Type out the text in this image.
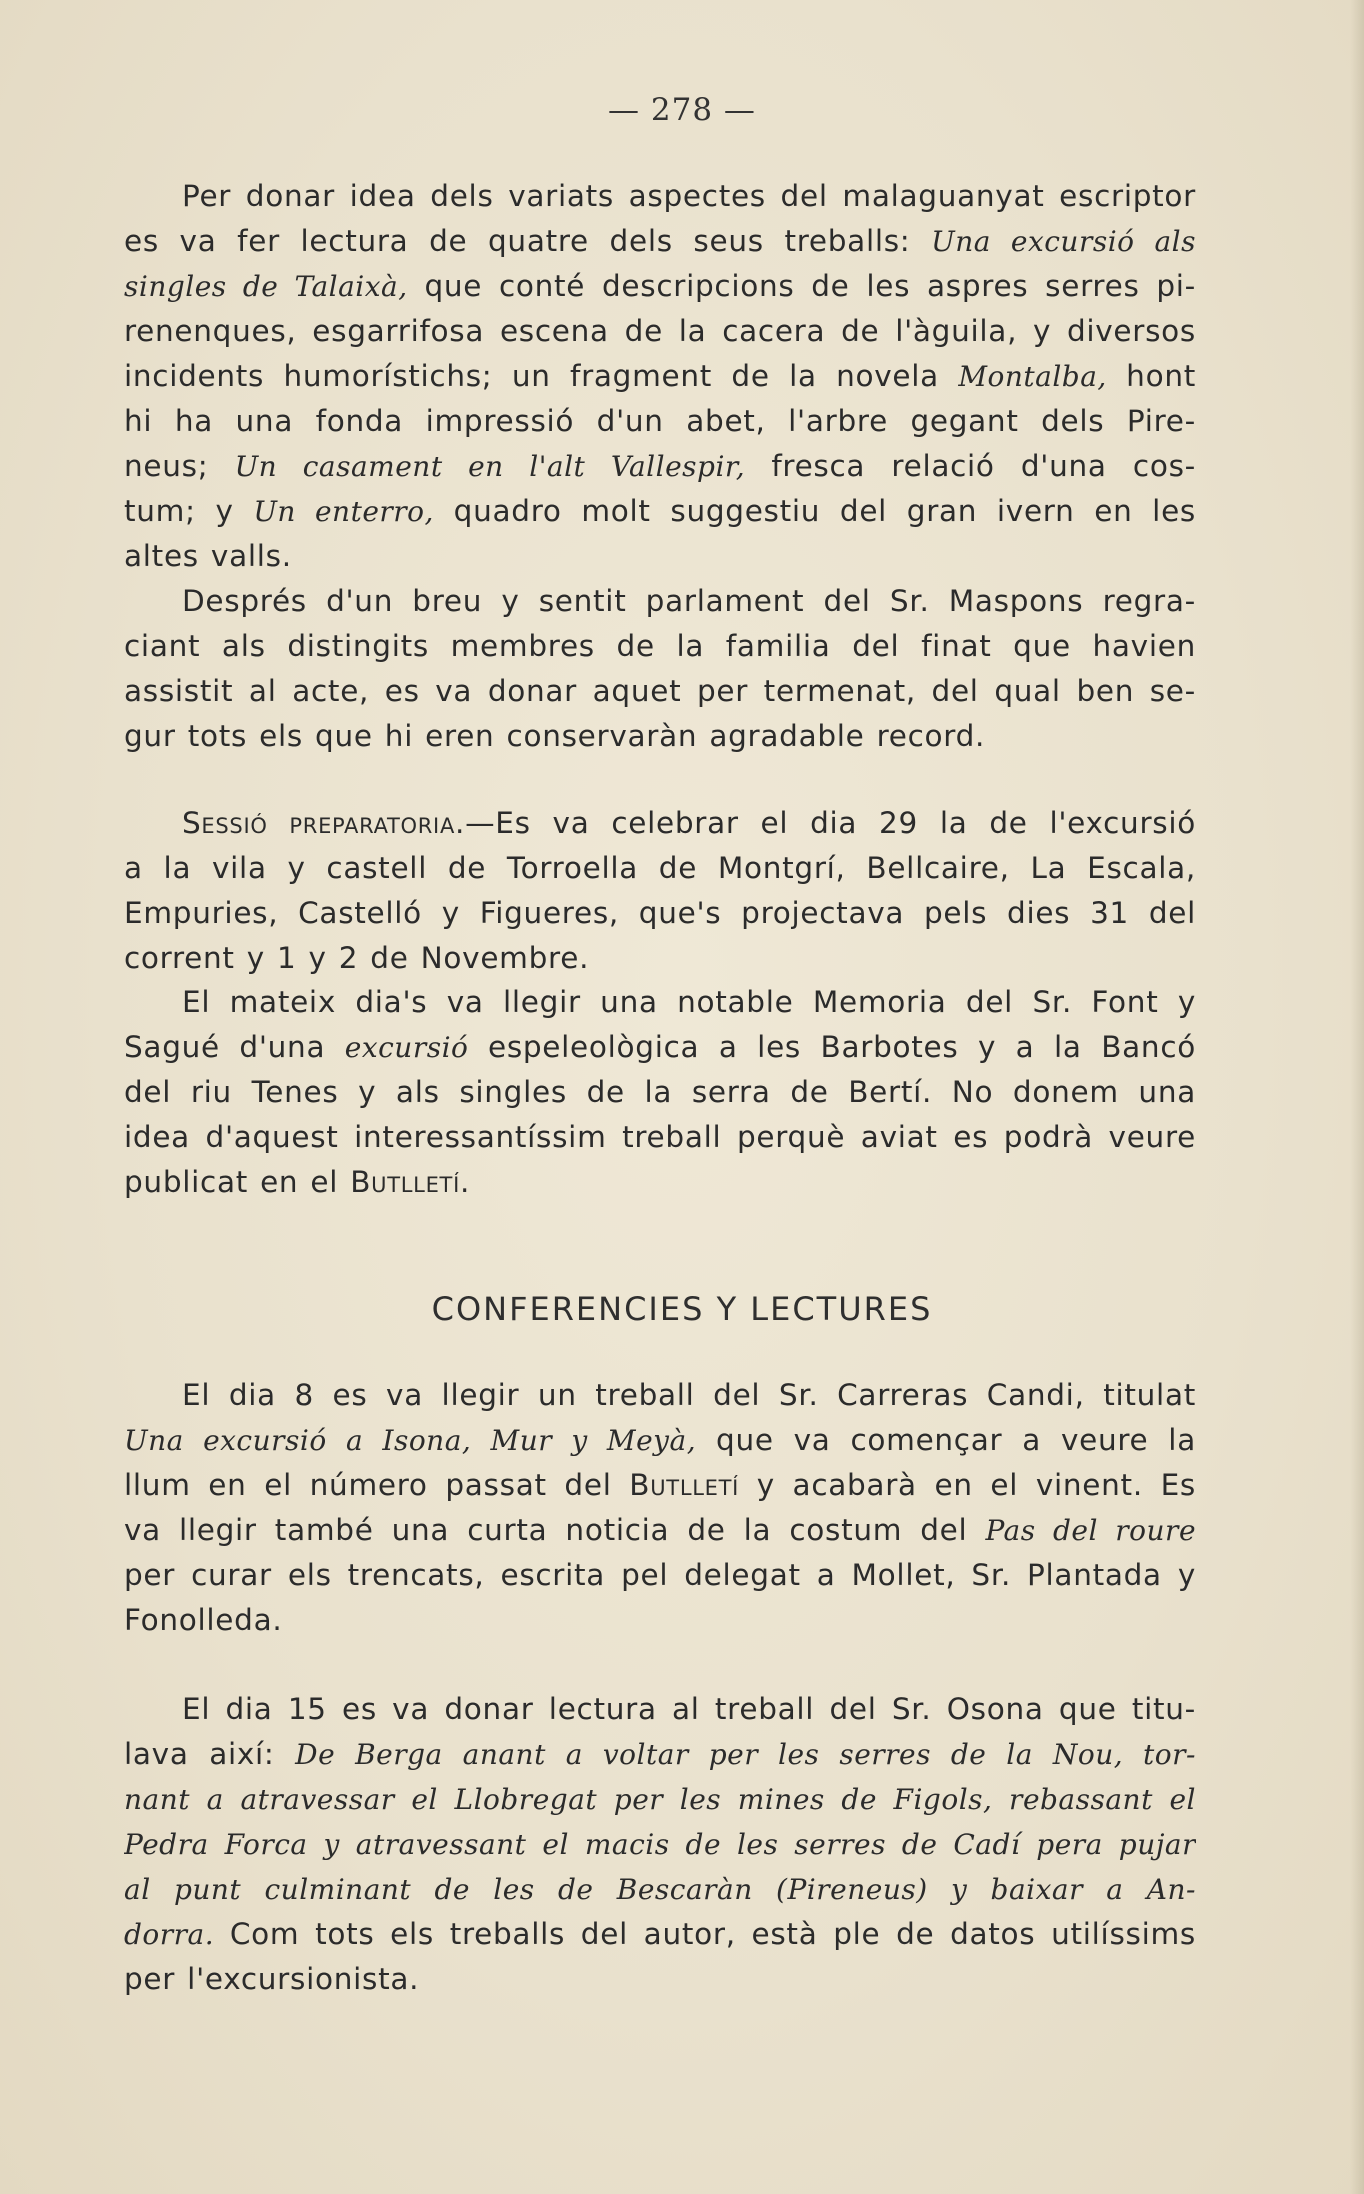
— 278 —
Per donar idea dels variats aspectes del malaguanyat escriptor
es va fer lectura de quatre dels seus treballs: Una excursió als
singles de Talaixà, que conté descripcions de les aspres serres pi-
renenques, esgarrifosa escena de la cacera de l'àguila, y diversos
incidents humorístichs; un fragment de la novela Montalba, hont
hi ha una fonda impressió d'un abet, l'arbre gegant dels Pire-
neus; Un casament en l'alt Vallespir, fresca relació d'una cos-
tum; y Un enterro, quadro molt suggestiu del gran ivern en les
altes valls.
Després d'un breu y sentit parlament del Sr. Maspons regra-
ciant als distingits membres de la familia del finat que havien
assistit al acte, es va donar aquet per termenat, del qual ben se-
gur tots els que hi eren conservaràn agradable record.
Sessió preparatoria.—Es va celebrar el dia 29 la de l'excursió
a la vila y castell de Torroella de Montgrí, Bellcaire, La Escala,
Empuries, Castelló y Figueres, que's projectava pels dies 31 del
corrent y 1 y 2 de Novembre.
El mateix dia's va llegir una notable Memoria del Sr. Font y
Sagué d'una excursió espeleològica a les Barbotes y a la Bancó
del riu Tenes y als singles de la serra de Bertí. No donem una
idea d'aquest interessantíssim treball perquè aviat es podrà veure
publicat en el Butlletí.
CONFERENCIES Y LECTURES
El dia 8 es va llegir un treball del Sr. Carreras Candi, titulat
Una excursió a Isona, Mur y Meyà, que va començar a veure la
llum en el número passat del Butlletí y acabarà en el vinent. Es
va llegir també una curta noticia de la costum del Pas del roure
per curar els trencats, escrita pel delegat a Mollet, Sr. Plantada y
Fonolleda.
El dia 15 es va donar lectura al treball del Sr. Osona que titu-
lava així: De Berga anant a voltar per les serres de la Nou, tor-
nant a atravessar el Llobregat per les mines de Figols, rebassant el
Pedra Forca y atravessant el macis de les serres de Cadí pera pujar
al punt culminant de les de Bescaràn (Pireneus) y baixar a An-
dorra. Com tots els treballs del autor, està ple de datos utilíssims
per l'excursionista.
